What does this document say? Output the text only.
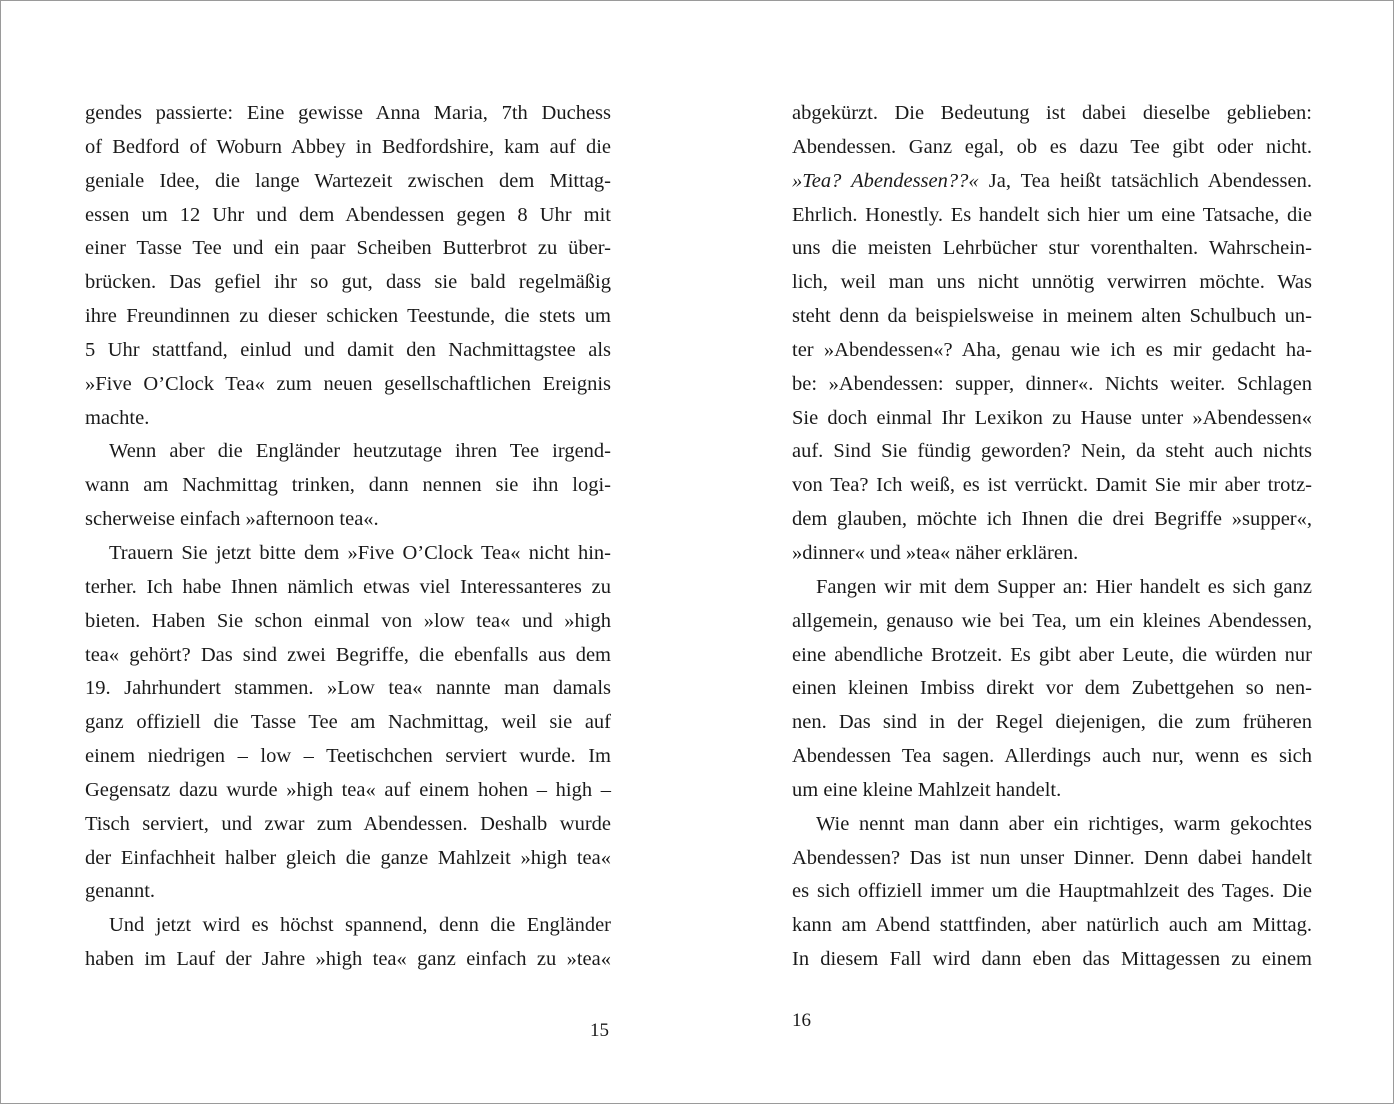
gendes passierte: Eine gewisse Anna Maria, 7th Duchess
of Bedford of Woburn Abbey in Bedfordshire, kam auf die
geniale Idee, die lange Wartezeit zwischen dem Mittag-
essen um 12 Uhr und dem Abendessen gegen 8 Uhr mit
einer Tasse Tee und ein paar Scheiben Butterbrot zu über-
brücken. Das gefiel ihr so gut, dass sie bald regelmäßig
ihre Freundinnen zu dieser schicken Teestunde, die stets um
5 Uhr stattfand, einlud und damit den Nachmittagstee als
»Five O’Clock Tea« zum neuen gesellschaftlichen Ereignis
machte.
Wenn aber die Engländer heutzutage ihren Tee irgend-
wann am Nachmittag trinken, dann nennen sie ihn logi-
scherweise einfach »afternoon tea«.
Trauern Sie jetzt bitte dem »Five O’Clock Tea« nicht hin-
terher. Ich habe Ihnen nämlich etwas viel Interessanteres zu
bieten. Haben Sie schon einmal von »low tea« und »high
tea« gehört? Das sind zwei Begriffe, die ebenfalls aus dem
19. Jahrhundert stammen. »Low tea« nannte man damals
ganz offiziell die Tasse Tee am Nachmittag, weil sie auf
einem niedrigen – low – Teetischchen serviert wurde. Im
Gegensatz dazu wurde »high tea« auf einem hohen – high –
Tisch serviert, und zwar zum Abendessen. Deshalb wurde
der Einfachheit halber gleich die ganze Mahlzeit »high tea«
genannt.
Und jetzt wird es höchst spannend, denn die Engländer
haben im Lauf der Jahre »high tea« ganz einfach zu »tea«
abgekürzt. Die Bedeutung ist dabei dieselbe geblieben:
Abendessen. Ganz egal, ob es dazu Tee gibt oder nicht.
»Tea? Abendessen??« Ja, Tea heißt tatsächlich Abendessen.
Ehrlich. Honestly. Es handelt sich hier um eine Tatsache, die
uns die meisten Lehrbücher stur vorenthalten. Wahrschein-
lich, weil man uns nicht unnötig verwirren möchte. Was
steht denn da beispielsweise in meinem alten Schulbuch un-
ter »Abendessen«? Aha, genau wie ich es mir gedacht ha-
be: »Abendessen: supper, dinner«. Nichts weiter. Schlagen
Sie doch einmal Ihr Lexikon zu Hause unter »Abendessen«
auf. Sind Sie fündig geworden? Nein, da steht auch nichts
von Tea? Ich weiß, es ist verrückt. Damit Sie mir aber trotz-
dem glauben, möchte ich Ihnen die drei Begriffe »supper«,
»dinner« und »tea« näher erklären.
Fangen wir mit dem Supper an: Hier handelt es sich ganz
allgemein, genauso wie bei Tea, um ein kleines Abendessen,
eine abendliche Brotzeit. Es gibt aber Leute, die würden nur
einen kleinen Imbiss direkt vor dem Zubettgehen so nen-
nen. Das sind in der Regel diejenigen, die zum früheren
Abendessen Tea sagen. Allerdings auch nur, wenn es sich
um eine kleine Mahlzeit handelt.
Wie nennt man dann aber ein richtiges, warm gekochtes
Abendessen? Das ist nun unser Dinner. Denn dabei handelt
es sich offiziell immer um die Hauptmahlzeit des Tages. Die
kann am Abend stattfinden, aber natürlich auch am Mittag.
In diesem Fall wird dann eben das Mittagessen zu einem
15	16
